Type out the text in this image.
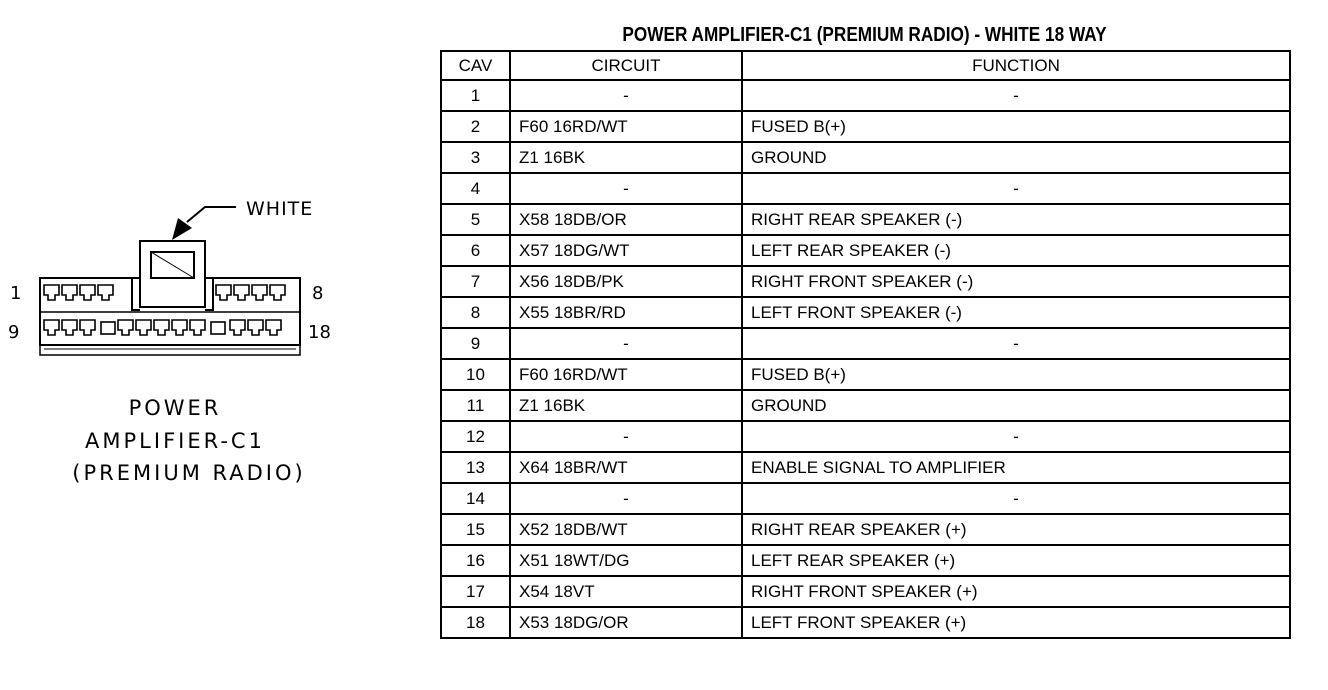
WHITE
1	8
9	18
POWER
AMPLIFIER-C1
(PREMIUM RADIO)
POWER AMPLIFIER-C1 (PREMIUM RADIO) - WHITE 18 WAY
CAV	CIRCUIT	FUNCTION
1	-	-
2	F60 16RD/WT	FUSED B(+)
3	Z1 16BK	GROUND
4	-	-
5	X58 18DB/OR	RIGHT REAR SPEAKER (-)
6	X57 18DG/WT	LEFT REAR SPEAKER (-)
7	X56 18DB/PK	RIGHT FRONT SPEAKER (-)
8	X55 18BR/RD	LEFT FRONT SPEAKER (-)
9	-	-
10	F60 16RD/WT	FUSED B(+)
11	Z1 16BK	GROUND
12	-	-
13	X64 18BR/WT	ENABLE SIGNAL TO AMPLIFIER
14	-	-
15	X52 18DB/WT	RIGHT REAR SPEAKER (+)
16	X51 18WT/DG	LEFT REAR SPEAKER (+)
17	X54 18VT	RIGHT FRONT SPEAKER (+)
18	X53 18DG/OR	LEFT FRONT SPEAKER (+)
